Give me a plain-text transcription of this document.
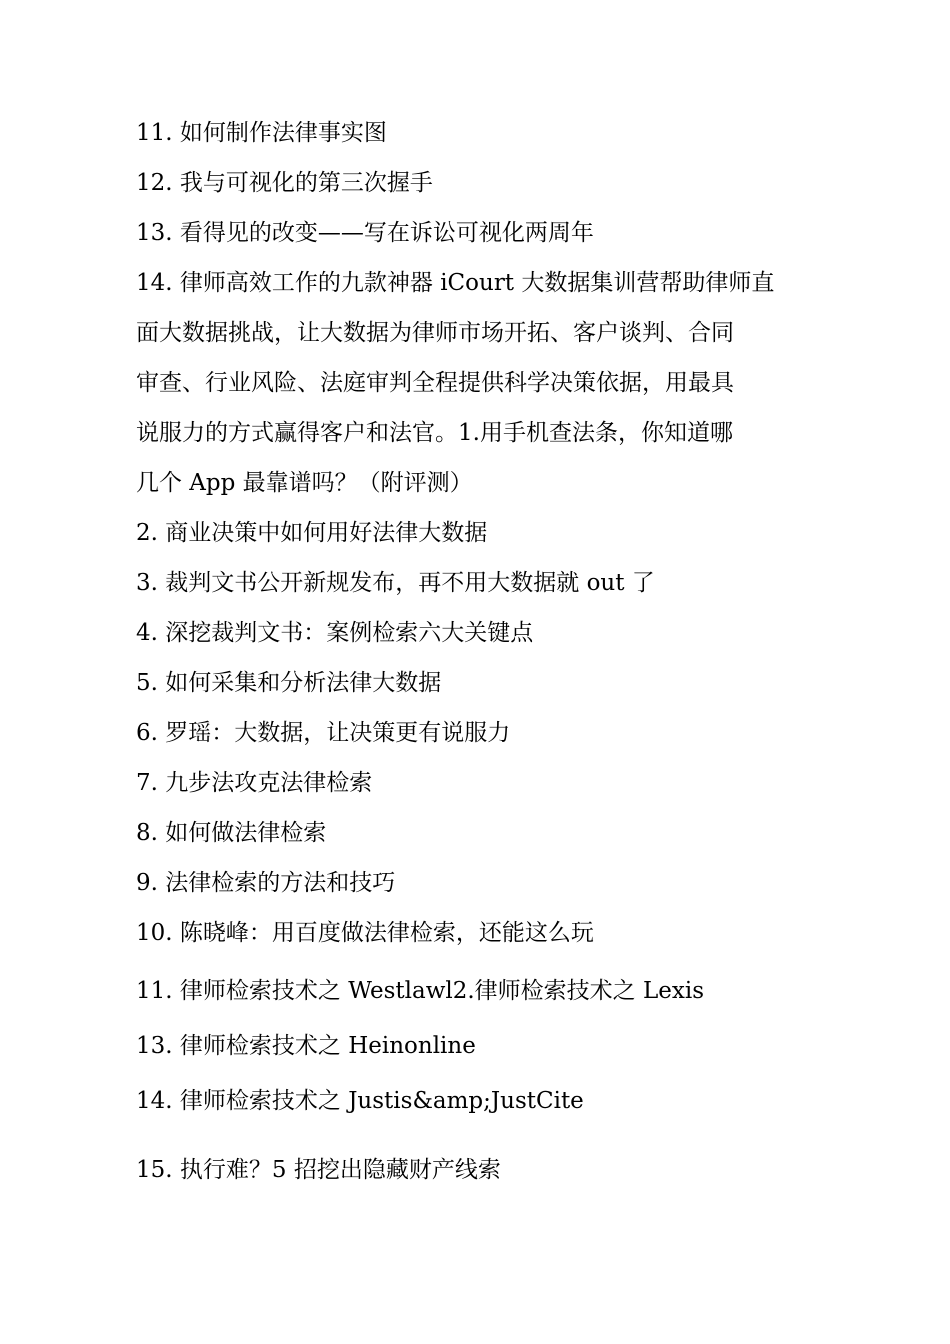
11. 如何制作法律事实图
12. 我与可视化的第三次握手
13. 看得见的改变——写在诉讼可视化两周年
14. 律师高效工作的九款神器 iCourt 大数据集训营帮助律师直
面大数据挑战，让大数据为律师市场开拓、客户谈判、合同
审查、行业风险、法庭审判全程提供科学决策依据，用最具
说服力的方式赢得客户和法官。1.用手机查法条，你知道哪
几个 App 最靠谱吗？（附评测）
2. 商业决策中如何用好法律大数据
3. 裁判文书公开新规发布，再不用大数据就 out 了
4. 深挖裁判文书：案例检索六大关键点
5. 如何采集和分析法律大数据
6. 罗瑶：大数据，让决策更有说服力
7. 九步法攻克法律检索
8. 如何做法律检索
9. 法律检索的方法和技巧
10. 陈晓峰：用百度做法律检索，还能这么玩
11. 律师检索技术之 Westlawl2.律师检索技术之 Lexis
13. 律师检索技术之 Heinonline
14. 律师检索技术之 Justis&amp;JustCite
15. 执行难？5 招挖出隐藏财产线索
